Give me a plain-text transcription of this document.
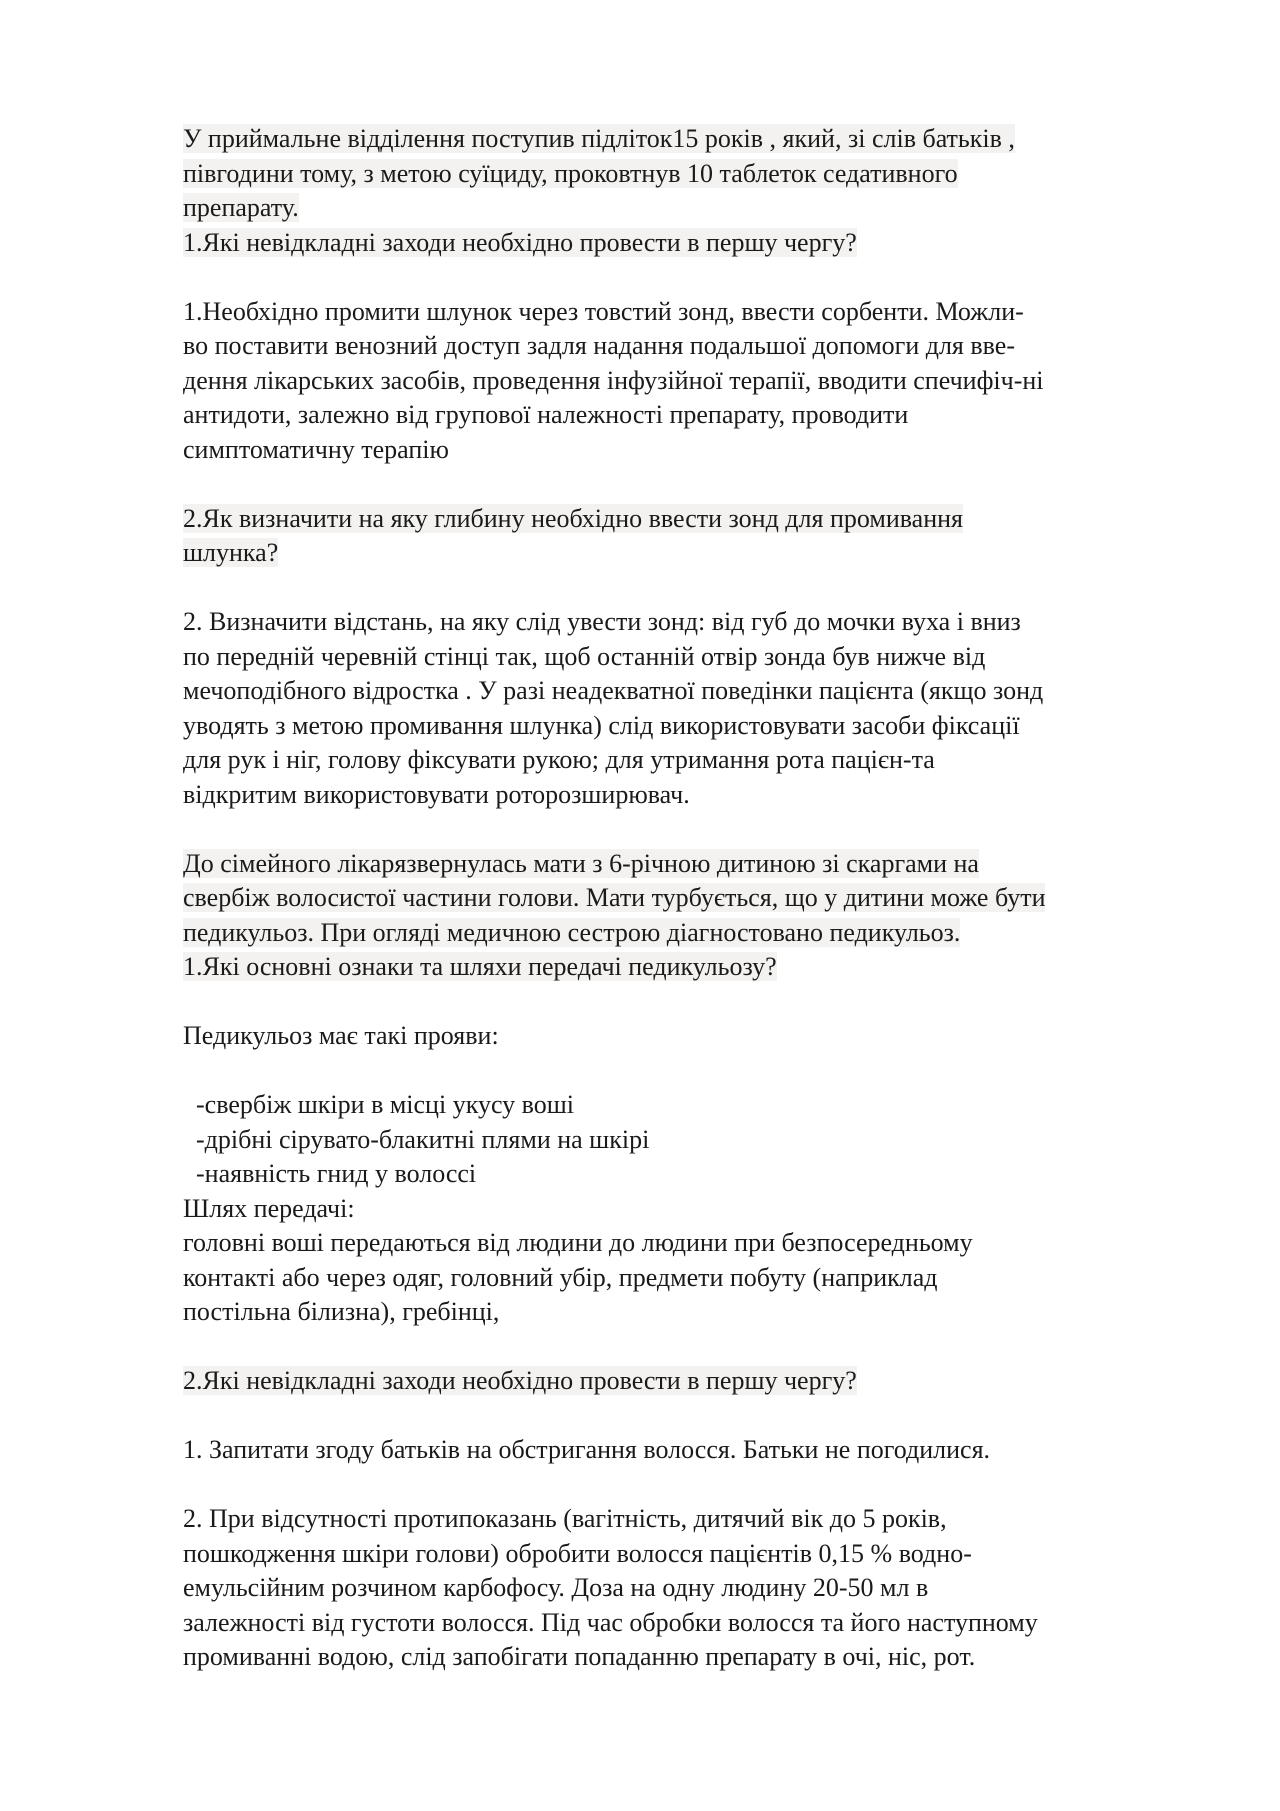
У приймальне відділення поступив підліток15 років , який, зі слів батьків ,
півгодини тому, з метою суїциду, проковтнув 10 таблеток седативного
препарату.
1.Які невідкладні заходи необхідно провести в першу чергу?
1.Необхідно промити шлунок через товстий зонд, ввести сорбенти. Можли-
во поставити венозний доступ задля надання подальшої допомоги для вве-
дення лікарських засобів, проведення інфузійної терапії, вводити спечифіч-ні
антидоти, залежно від групової належності препарату, проводити
симптоматичну терапію
2.Як визначити на яку глибину необхідно ввести зонд для промивання
шлунка?
2. Визначити відстань, на яку слід увести зонд: від губ до мочки вуха і вниз
по передній черевній стінці так, щоб останній отвір зонда був нижче від
мечоподібного відростка . У разі неадекватної поведінки пацієнта (якщо зонд
уводять з метою промивання шлунка) слід використовувати засоби фіксації
для рук і ніг, голову фіксувати рукою; для утримання рота пацієн-та
відкритим використовувати роторозширювач.
До сімейного лікарязвернулась мати з 6-річною дитиною зі скаргами на
свербіж волосистої частини голови. Мати турбується, що у дитини може бути
педикульоз. При огляді медичною сестрою діагностовано педикульоз.
1.Які основні ознаки та шляхи передачі педикульозу?
Педикульоз має такі прояви:
-свербіж шкіри в місці укусу воші
-дрібні сірувато-блакитні плями на шкірі
-наявність гнид у волоссі
Шлях передачі:
головні воші передаються від людини до людини при безпосередньому
контакті або через одяг, головний убір, предмети побуту (наприклад
постільна білизна), гребінці,
2.Які невідкладні заходи необхідно провести в першу чергу?
1. Запитати згоду батьків на обстригання волосся. Батьки не погодилися.
2. При відсутності протипоказань (вагітність, дитячий вік до 5 років,
пошкодження шкіри голови) обробити волосся пацієнтів 0,15 % водно-
емульсійним розчином карбофосу. Доза на одну людину 20-50 мл в
залежності від густоти волосся. Під час обробки волосся та його наступному
промиванні водою, слід запобігати попаданню препарату в очі, ніс, рот.
